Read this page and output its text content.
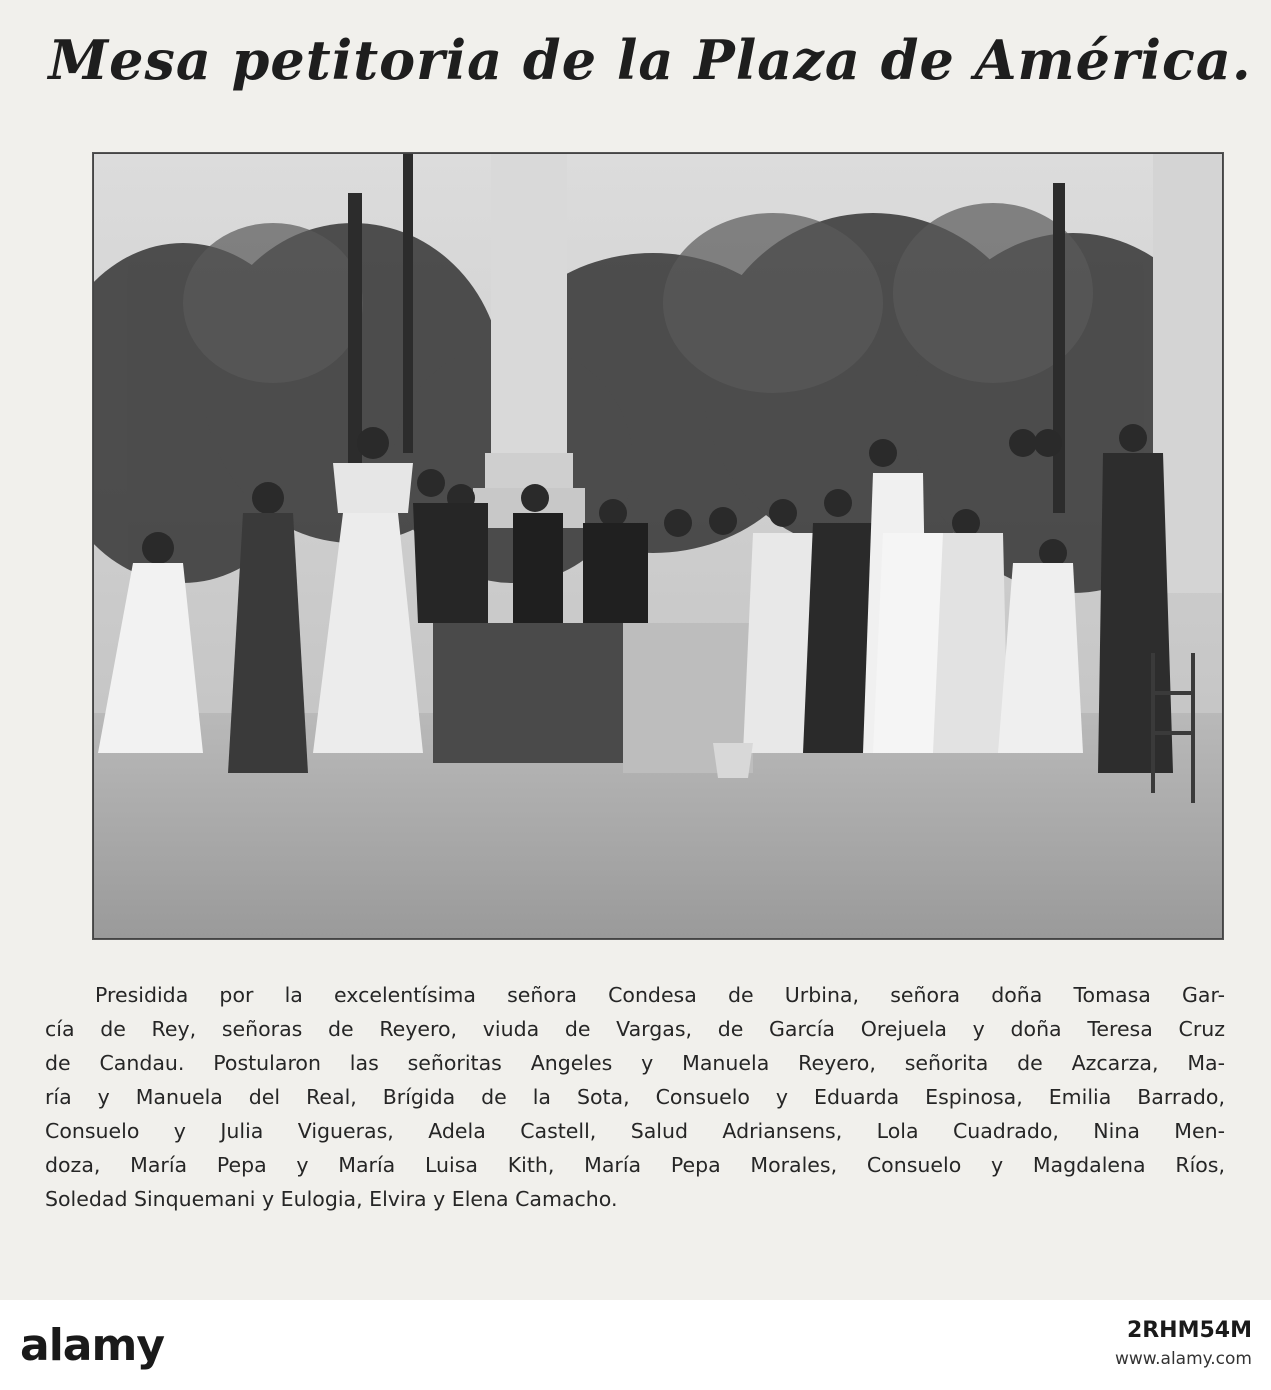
Mesa petitoria de la Plaza de América.
Presidida por la excelentísima señora Condesa de Urbina, señora doña Tomasa Gar-
cía de Rey, señoras de Reyero, viuda de Vargas, de García Orejuela y doña Teresa Cruz
de Candau. Postularon las señoritas Angeles y Manuela Reyero, señorita de Azcarza, Ma-
ría y Manuela del Real, Brígida de la Sota, Consuelo y Eduarda Espinosa, Emilia Barrado,
Consuelo y Julia Vigueras, Adela Castell, Salud Adriansens, Lola Cuadrado, Nina Men-
doza, María Pepa y María Luisa Kith, María Pepa Morales, Consuelo y Magdalena Ríos,
Soledad Sinquemani y Eulogia, Elvira y Elena Camacho.
alamy	2RHM54M
www.alamy.com
